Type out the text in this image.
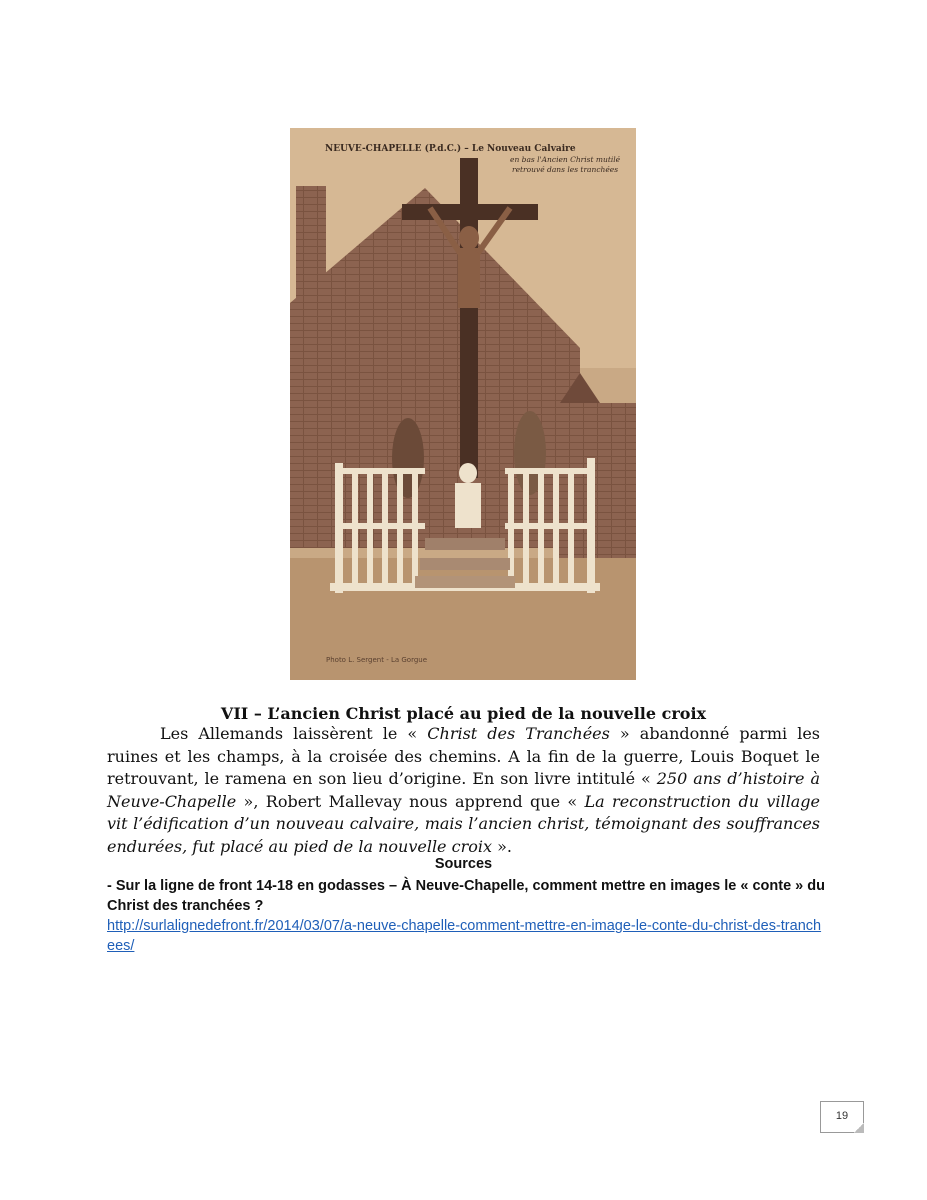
NEUVE-CHAPELLE (P.d.C.) – Le Nouveau Calvaire
en bas l'Ancien Christ mutilé
retrouvé dans les tranchées
Photo L. Sergent - La Gorgue
VII – L’ancien Christ placé au pied de la nouvelle croix
Les Allemands laissèrent le « Christ des Tranchées » abandonné parmi les ruines et les champs, à la croisée des chemins. A la fin de la guerre, Louis Boquet le retrouvant, le ramena en son lieu d’origine. En son livre intitulé « 250 ans d’histoire à Neuve-Chapelle », Robert Mallevay nous apprend que « La reconstruction du village vit l’édification d’un nouveau calvaire, mais l’ancien christ, témoignant des souffrances endurées, fut placé au pied de la nouvelle croix ».
Sources
- Sur la ligne de front 14-18 en godasses – À Neuve-Chapelle, comment mettre en images le « conte » du Christ des tranchées ?
http://surlalignedefront.fr/2014/03/07/a-neuve-chapelle-comment-mettre-en-image-le-conte-du-christ-des-tranchees/
19
